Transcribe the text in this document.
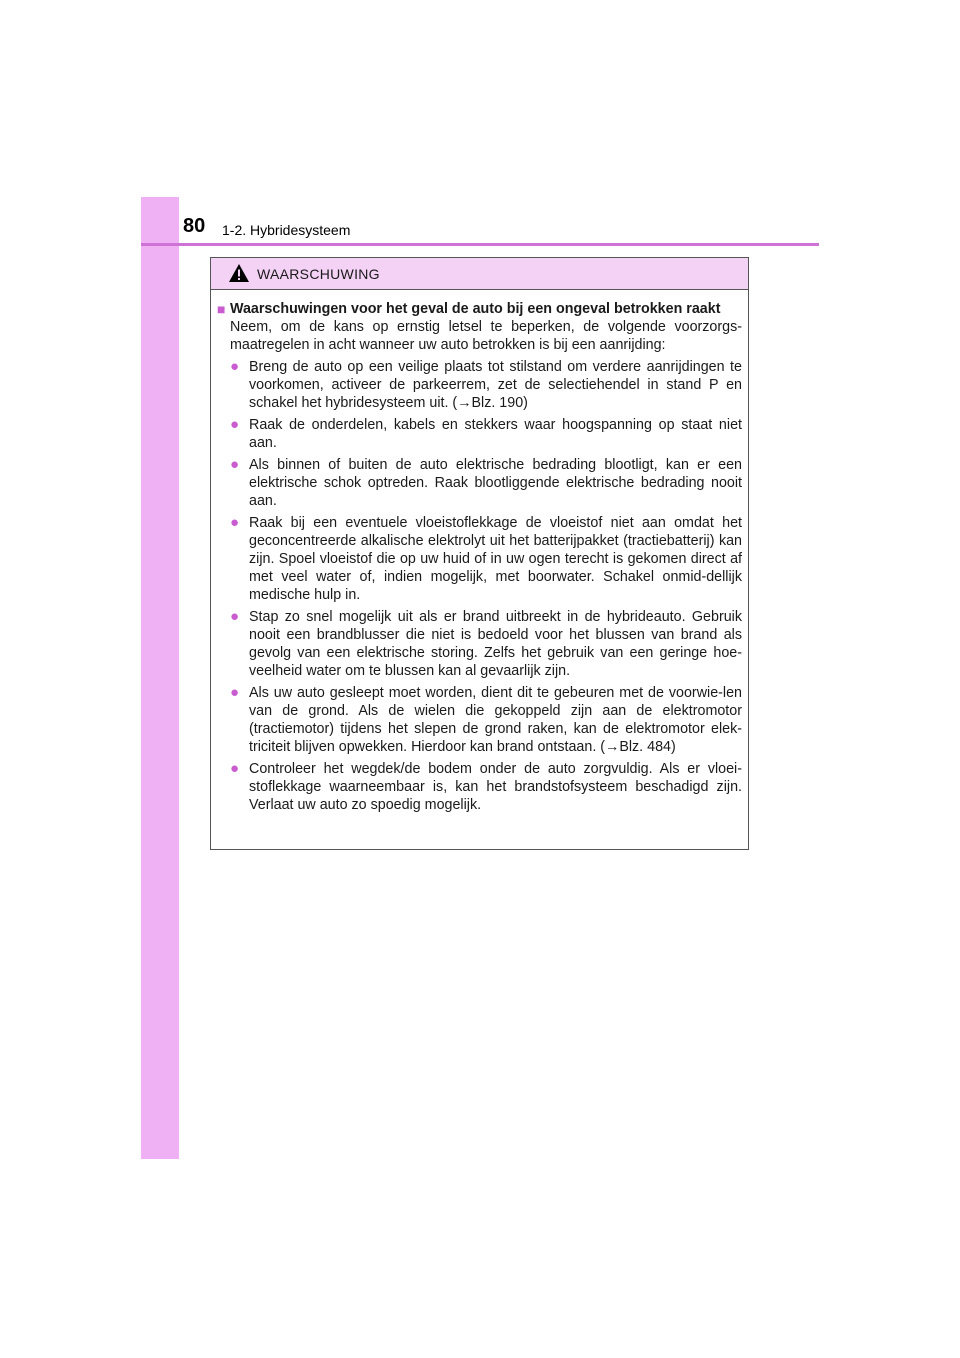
80 1-2. Hybridesysteem
WAARSCHUWING
■ Waarschuwingen voor het geval de auto bij een ongeval betrokken raakt

Neem, om de kans op ernstig letsel te beperken, de volgende voorzorgs-maatregelen in acht wanneer uw auto betrokken is bij een aanrijding:

● Breng de auto op een veilige plaats tot stilstand om verdere aanrijdingen te voorkomen, activeer de parkeerrem, zet de selectiehendel in stand P en schakel het hybridesysteem uit. (→Blz. 190)
● Raak de onderdelen, kabels en stekkers waar hoogspanning op staat niet aan.
● Als binnen of buiten de auto elektrische bedrading blootligt, kan er een elektrische schok optreden. Raak blootliggende elektrische bedrading nooit aan.
● Raak bij een eventuele vloeistoflekkage de vloeistof niet aan omdat het geconcentreerde alkalische elektrolyt uit het batterijpakket (tractiebatterij) kan zijn. Spoel vloeistof die op uw huid of in uw ogen terecht is gekomen direct af met veel water of, indien mogelijk, met boorwater. Schakel onmid-dellijk medische hulp in.
● Stap zo snel mogelijk uit als er brand uitbreekt in de hybrideauto. Gebruik nooit een brandblusser die niet is bedoeld voor het blussen van brand als gevolg van een elektrische storing. Zelfs het gebruik van een geringe hoe-veelheid water om te blussen kan al gevaarlijk zijn.
● Als uw auto gesleept moet worden, dient dit te gebeuren met de voorwie-len van de grond. Als de wielen die gekoppeld zijn aan de elektromotor (tractiemotor) tijdens het slepen de grond raken, kan de elektromotor elek-triciteit blijven opwekken. Hierdoor kan brand ontstaan. (→Blz. 484)
● Controleer het wegdek/de bodem onder de auto zorgvuldig. Als er vloei-stoflekkage waarneembaar is, kan het brandstofsysteem beschadigd zijn. Verlaat uw auto zo spoedig mogelijk.
